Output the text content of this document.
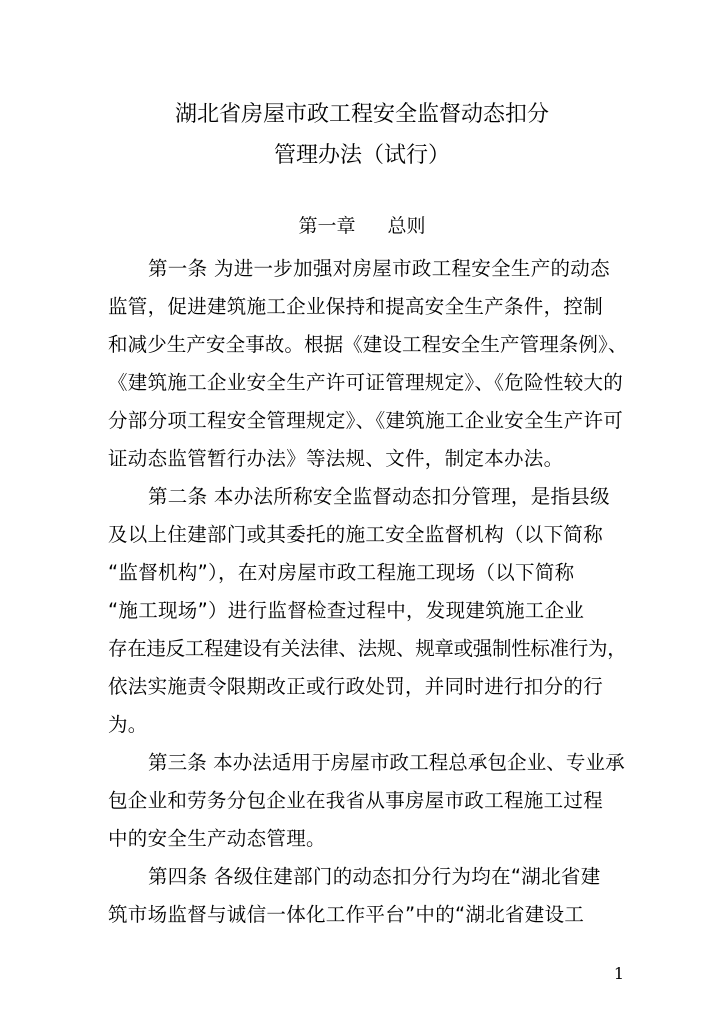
湖北省房屋市政工程安全监督动态扣分
管理办法（试行）
第一章 总则
第一条 为进一步加强对房屋市政工程安全生产的动态
监管，促进建筑施工企业保持和提高安全生产条件，控制
和减少生产安全事故。根据《建设工程安全生产管理条例》、
《建筑施工企业安全生产许可证管理规定》、《危险性较大的
分部分项工程安全管理规定》、《建筑施工企业安全生产许可
证动态监管暂行办法》等法规、文件，制定本办法。
第二条 本办法所称安全监督动态扣分管理，是指县级
及以上住建部门或其委托的施工安全监督机构（以下简称
“监督机构”），在对房屋市政工程施工现场（以下简称
“施工现场”）进行监督检查过程中，发现建筑施工企业
存在违反工程建设有关法律、法规、规章或强制性标准行为，
依法实施责令限期改正或行政处罚，并同时进行扣分的行
为。
第三条 本办法适用于房屋市政工程总承包企业、专业承
包企业和劳务分包企业在我省从事房屋市政工程施工过程
中的安全生产动态管理。
第四条 各级住建部门的动态扣分行为均在“湖北省建
筑市场监督与诚信一体化工作平台”中的“湖北省建设工
1
